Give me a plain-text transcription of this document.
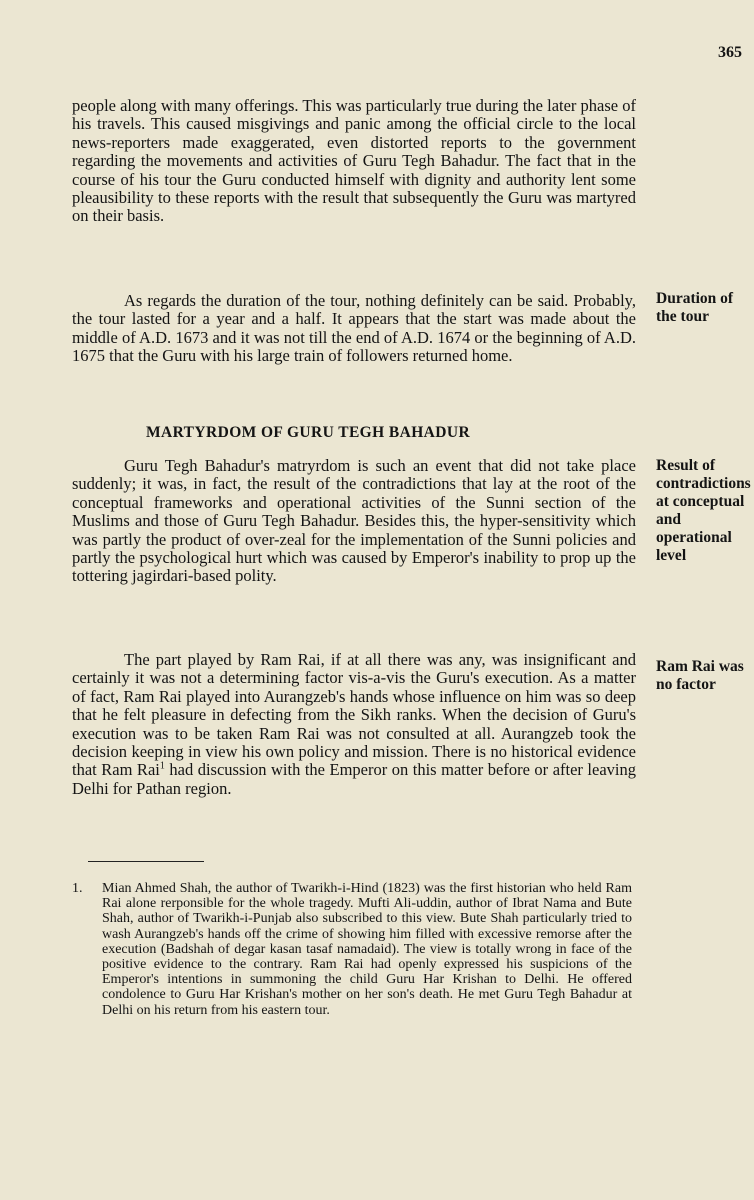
365

people along with many offerings. This was particularly true during the later phase of his travels. This caused misgivings and panic among the official circle to the local news-reporters made exaggerated, even distorted reports to the government regarding the movements and activities of Guru Tegh Bahadur. The fact that in the course of his tour the Guru conducted himself with dignity and authority lent some pleausibility to these reports with the result that subsequently the Guru was martyred on their basis.

As regards the duration of the tour, nothing definitely can be said. Probably, the tour lasted for a year and a half. It appears that the start was made about the middle of A.D. 1673 and it was not till the end of A.D. 1674 or the beginning of A.D. 1675 that the Guru with his large train of followers returned home.

Duration of the tour

MARTYRDOM OF GURU TEGH BAHADUR

Guru Tegh Bahadur's matryrdom is such an event that did not take place suddenly; it was, in fact, the result of the contradictions that lay at the root of the conceptual frameworks and operational activities of the Sunni section of the Muslims and those of Guru Tegh Bahadur. Besides this, the hyper-sensitivity which was partly the product of over-zeal for the implementation of the Sunni policies and partly the psychological hurt which was caused by Emperor's inability to prop up the tottering jagirdari-based polity.

Result of contradictions at conceptual and operational level

The part played by Ram Rai, if at all there was any, was insignificant and certainly it was not a determining factor vis-a-vis the Guru's execution. As a matter of fact, Ram Rai played into Aurangzeb's hands whose influence on him was so deep that he felt pleasure in defecting from the Sikh ranks. When the decision of Guru's execution was to be taken Ram Rai was not consulted at all. Aurangzeb took the decision keeping in view his own policy and mission. There is no historical evidence that Ram Rai$^1$ had discussion with the Emperor on this matter before or after leaving Delhi for Pathan region.

Ram Rai was no factor

1. Mian Ahmed Shah, the author of Twarikh-i-Hind (1823) was the first historian who held Ram Rai alone rerponsible for the whole tragedy. Mufti Ali-uddin, author of Ibrat Nama and Bute Shah, author of Twarikh-i-Punjab also subscribed to this view. Bute Shah particularly tried to wash Aurangzeb's hands off the crime of showing him filled with excessive remorse after the execution (Badshah of degar kasan tasaf namadaid). The view is totally wrong in face of the positive evidence to the contrary. Ram Rai had openly expressed his suspicions of the Emperor's intentions in summoning the child Guru Har Krishan to Delhi. He offered condolence to Guru Har Krishan's mother on her son's death. He met Guru Tegh Bahadur at Delhi on his return from his eastern tour.
